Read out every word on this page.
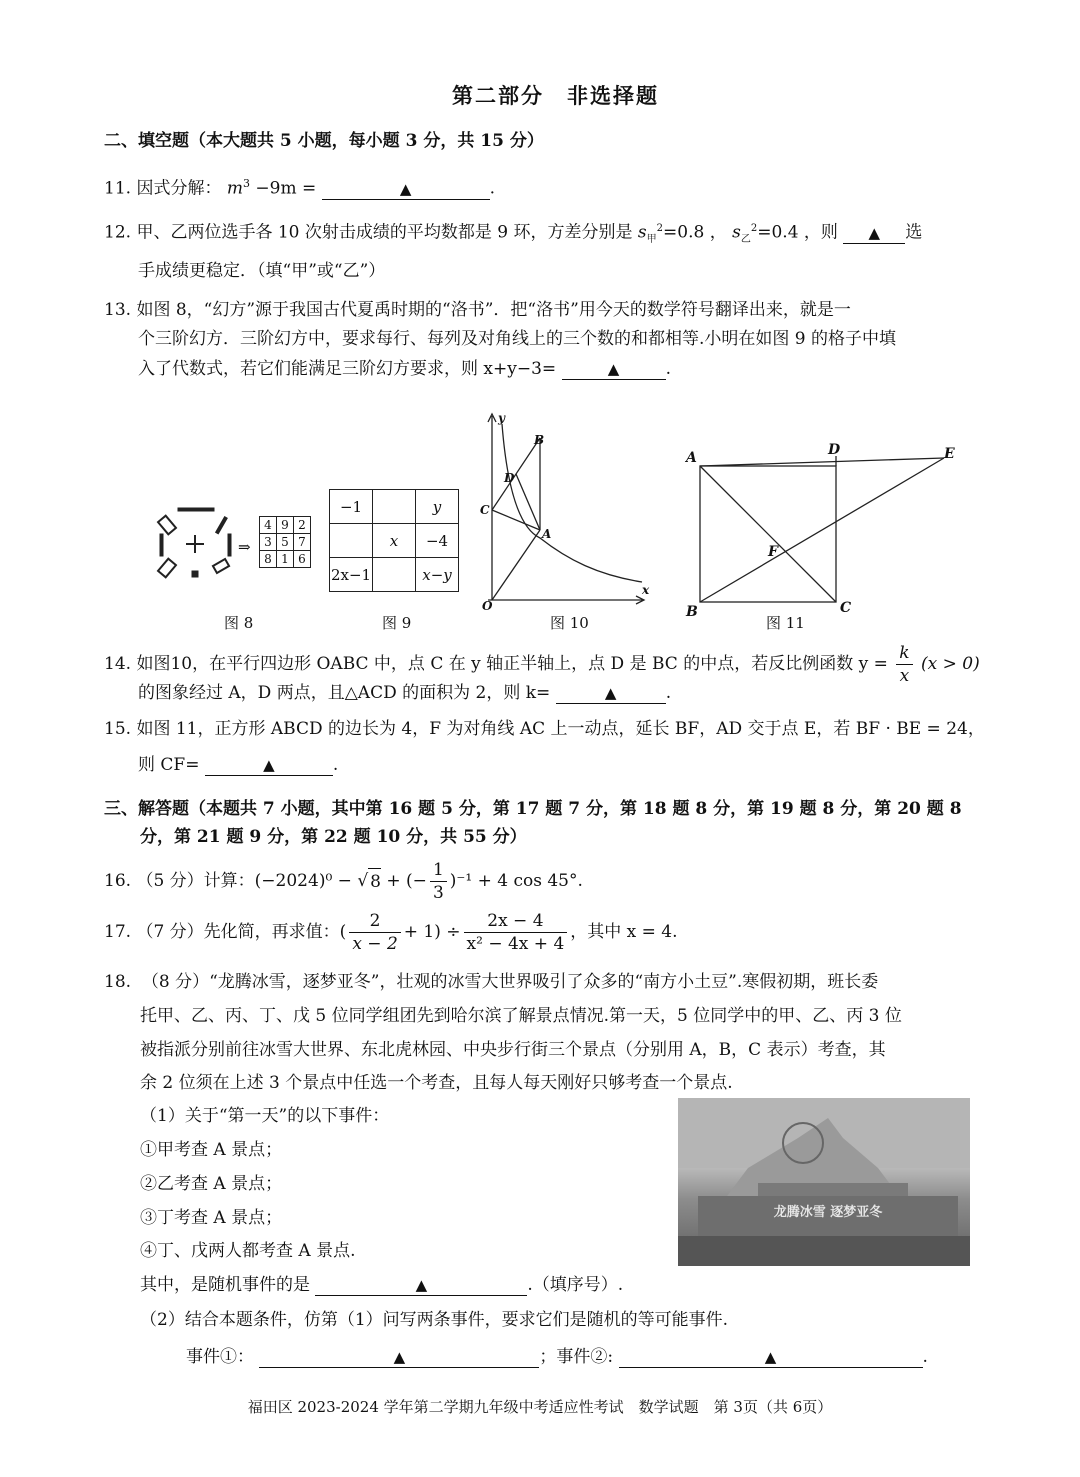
第二部分　非选择题
二、填空题（本大题共 5 小题，每小题 3 分，共 15 分）
11. 因式分解： $m^3 -9m$ =	▲	.
12. 甲、乙两位选手各 10 次射击成绩的平均数都是 9 环，方差分别是 $s_甲^2=0.8$ ， $s_乙^2=0.4$ ，则 ▲ 选
手成绩更稳定．（填“甲”或“乙”）
13. 如图 8，“幻方”源于我国古代夏禹时期的“洛书”．把“洛书”用今天的数学符号翻译出来，就是一
个三阶幻方．三阶幻方中，要求每行、每列及对角线上的三个数的和都相等.小明在如图 9 的格子中填
入了代数式，若它们能满足三阶幻方要求，则 x+y−3=	▲	.
⇒
4	9	2
3	5	7
8	1	6
图 8
−1		y
	x	−4
2x−1		x−y
图 9
y
x
O
B
D
C
A
图 10
A	D	E
F
B	C
图 11
14. 如图10，在平行四边形 OABC 中，点 C 在 y 轴正半轴上，点 D 是 BC 的中点，若反比例函数 $y = \frac{k}{x} (x > 0)$
的图象经过 A，D 两点，且△ACD 的面积为 2，则 k=	▲	.
15. 如图 11，正方形 ABCD 的边长为 4，F 为对角线 AC 上一动点，延长 BF，AD 交于点 E，若 BF · BE = 24，
则 CF=	▲	.
三、解答题（本题共 7 小题，其中第 16 题 5 分，第 17 题 7 分，第 18 题 8 分，第 19 题 8 分，第 20 题 8
分，第 21 题 9 分，第 22 题 10 分，共 55 分）
16.
（5 分）计算：(−2024)⁰ − √ 8
+ (− $\frac{1}{3} )^{-1} + 4$ cos 45°.
17.
（7 分）先化简，再求值：( $\frac{2}{x - 2} + 1) \div \frac{2x - 4}{\text{x² − 4x + 4}}$ ，其中 x = 4.
18. （8 分）“龙腾冰雪，逐梦亚冬”，壮观的冰雪大世界吸引了众多的“南方小土豆”.寒假初期，班长委
托甲、乙、丙、丁、戊 5 位同学组团先到哈尔滨了解景点情况.第一天，5 位同学中的甲、乙、丙 3 位
被指派分别前往冰雪大世界、东北虎林园、中央步行街三个景点（分别用 A，B，C 表示）考查，其
余 2 位须在上述 3 个景点中任选一个考查，且每人每天刚好只够考查一个景点.
（1）关于“第一天”的以下事件：
①甲考查 A 景点；
②乙考查 A 景点；
③丁考查 A 景点；
④丁、戊两人都考查 A 景点.
其中，是随机事件的是	▲	.（填序号）.
（2）结合本题条件，仿第（1）问写两条事件，要求它们是随机的等可能事件.
事件①：	▲	；事件②:	▲	.
龙腾冰雪 逐梦亚冬
福田区 2023-2024 学年第二学期九年级中考适应性考试　数学试题　第 3页（共 6页）
